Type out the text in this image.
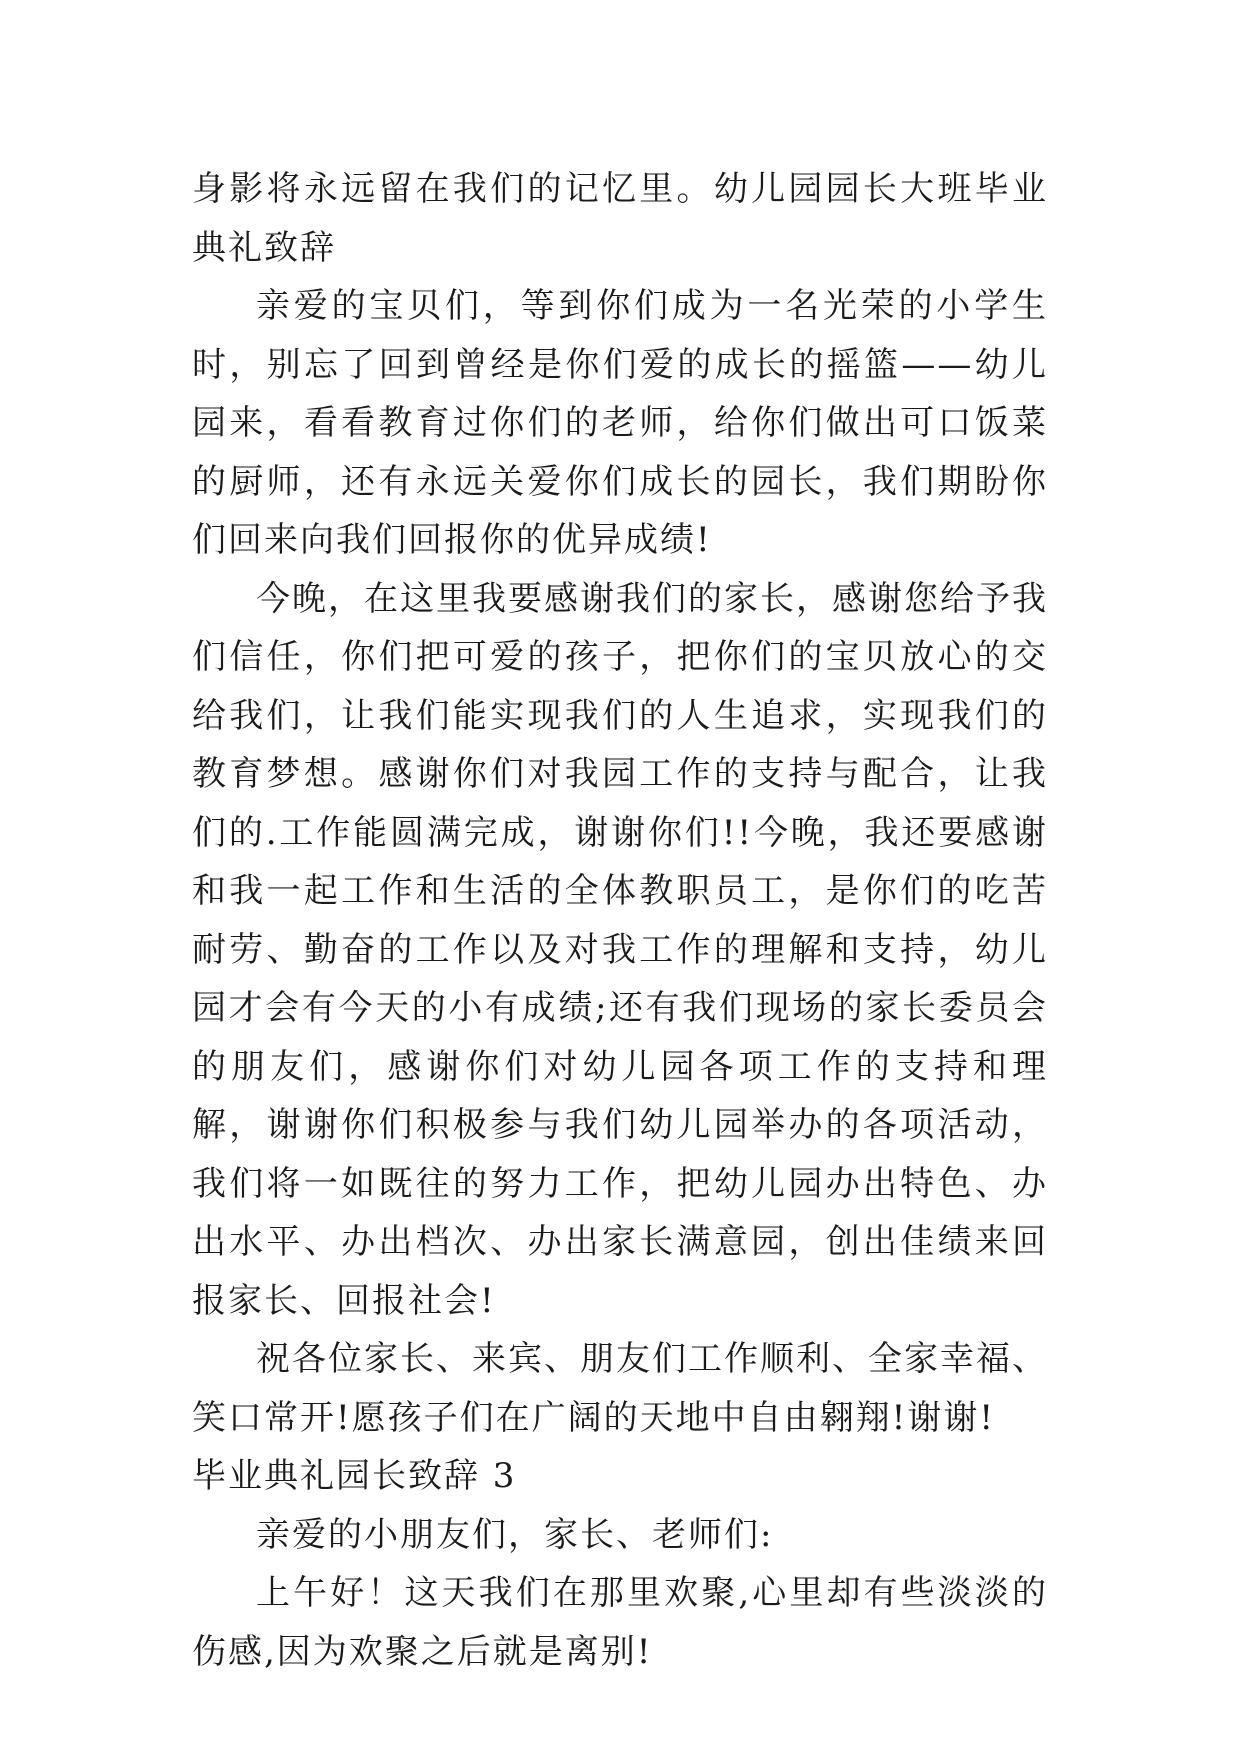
身影将永远留在我们的记忆里。幼儿园园长大班毕业典礼致辞

亲爱的宝贝们，等到你们成为一名光荣的小学生时，别忘了回到曾经是你们爱的成长的摇篮——幼儿园来，看看教育过你们的老师，给你们做出可口饭菜的厨师，还有永远关爱你们成长的园长，我们期盼你们回来向我们回报你的优异成绩!

今晚，在这里我要感谢我们的家长，感谢您给予我们信任，你们把可爱的孩子，把你们的宝贝放心的交给我们，让我们能实现我们的人生追求，实现我们的教育梦想。感谢你们对我园工作的支持与配合，让我们的.工作能圆满完成，谢谢你们!!今晚，我还要感谢和我一起工作和生活的全体教职员工，是你们的吃苦耐劳、勤奋的工作以及对我工作的理解和支持，幼儿园才会有今天的小有成绩;还有我们现场的家长委员会的朋友们，感谢你们对幼儿园各项工作的支持和理解，谢谢你们积极参与我们幼儿园举办的各项活动，我们将一如既往的努力工作，把幼儿园办出特色、办出水平、办出档次、办出家长满意园，创出佳绩来回报家长、回报社会!

祝各位家长、来宾、朋友们工作顺利、全家幸福、笑口常开!愿孩子们在广阔的天地中自由翱翔!谢谢!

毕业典礼园长致辞 3

亲爱的小朋友们，家长、老师们:

上午好！这天我们在那里欢聚,心里却有些淡淡的伤感,因为欢聚之后就是离别!
